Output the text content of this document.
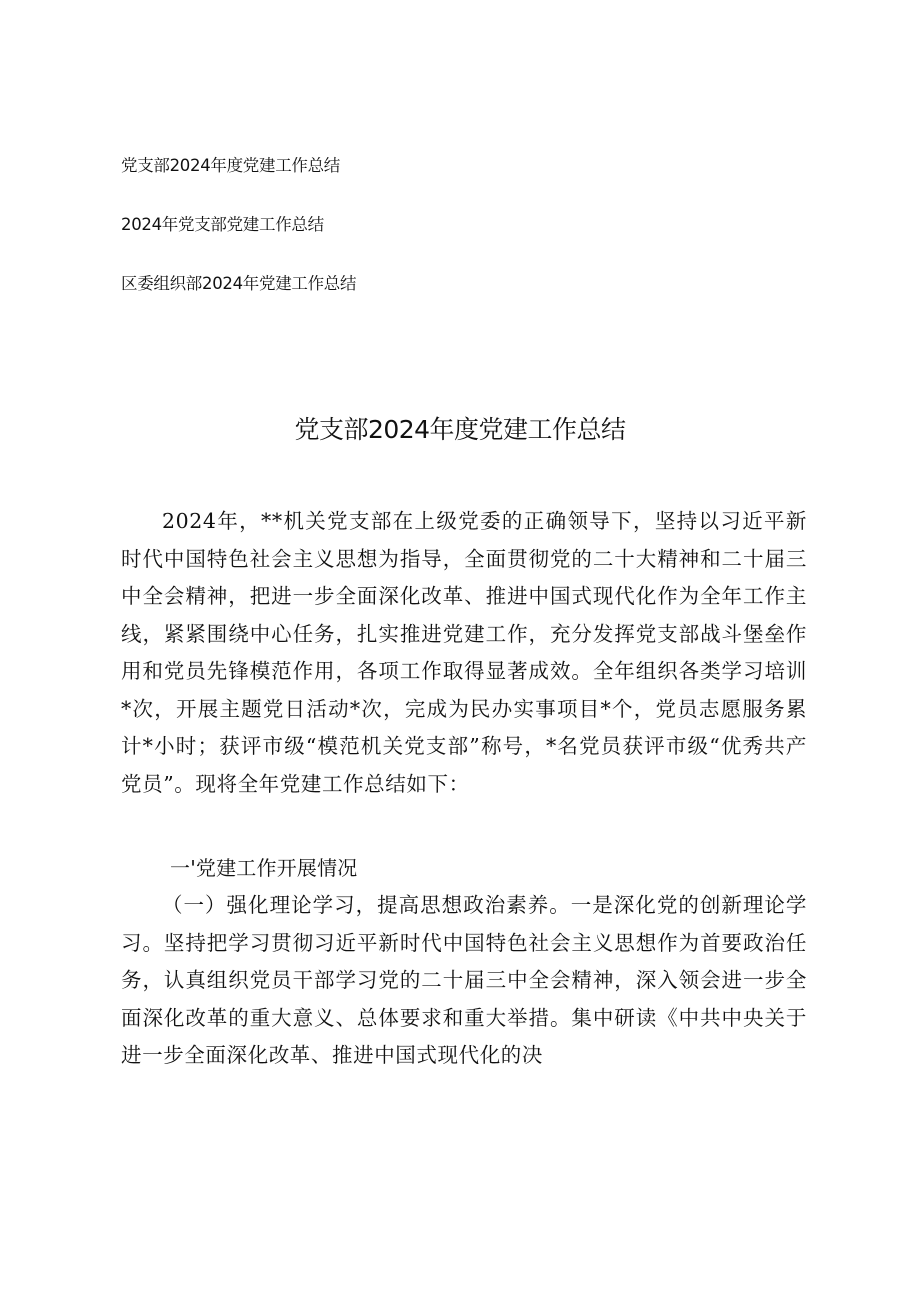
党支部2024年度党建工作总结
2024年党支部党建工作总结
区委组织部2024年党建工作总结
党支部2024年度党建工作总结

2024年，**机关党支部在上级党委的正确领导下，坚持以习近平新时代中国特色社会主义思想为指导，全面贯彻党的二十大精神和二十届三中全会精神，把进一步全面深化改革、推进中国式现代化作为全年工作主线，紧紧围绕中心任务，扎实推进党建工作，充分发挥党支部战斗堡垒作用和党员先锋模范作用，各项工作取得显著成效。全年组织各类学习培训*次，开展主题党日活动*次，完成为民办实事项目*个，党员志愿服务累计*小时；获评市级“模范机关党支部”称号，*名党员获评市级“优秀共产党员”。现将全年党建工作总结如下：

一'党建工作开展情况

（一）强化理论学习，提高思想政治素养。一是深化党的创新理论学习。坚持把学习贯彻习近平新时代中国特色社会主义思想作为首要政治任务，认真组织党员干部学习党的二十届三中全会精神，深入领会进一步全面深化改革的重大意义、总体要求和重大举措。集中研读《中共中央关于进一步全面深化改革、推进中国式现代化的决
